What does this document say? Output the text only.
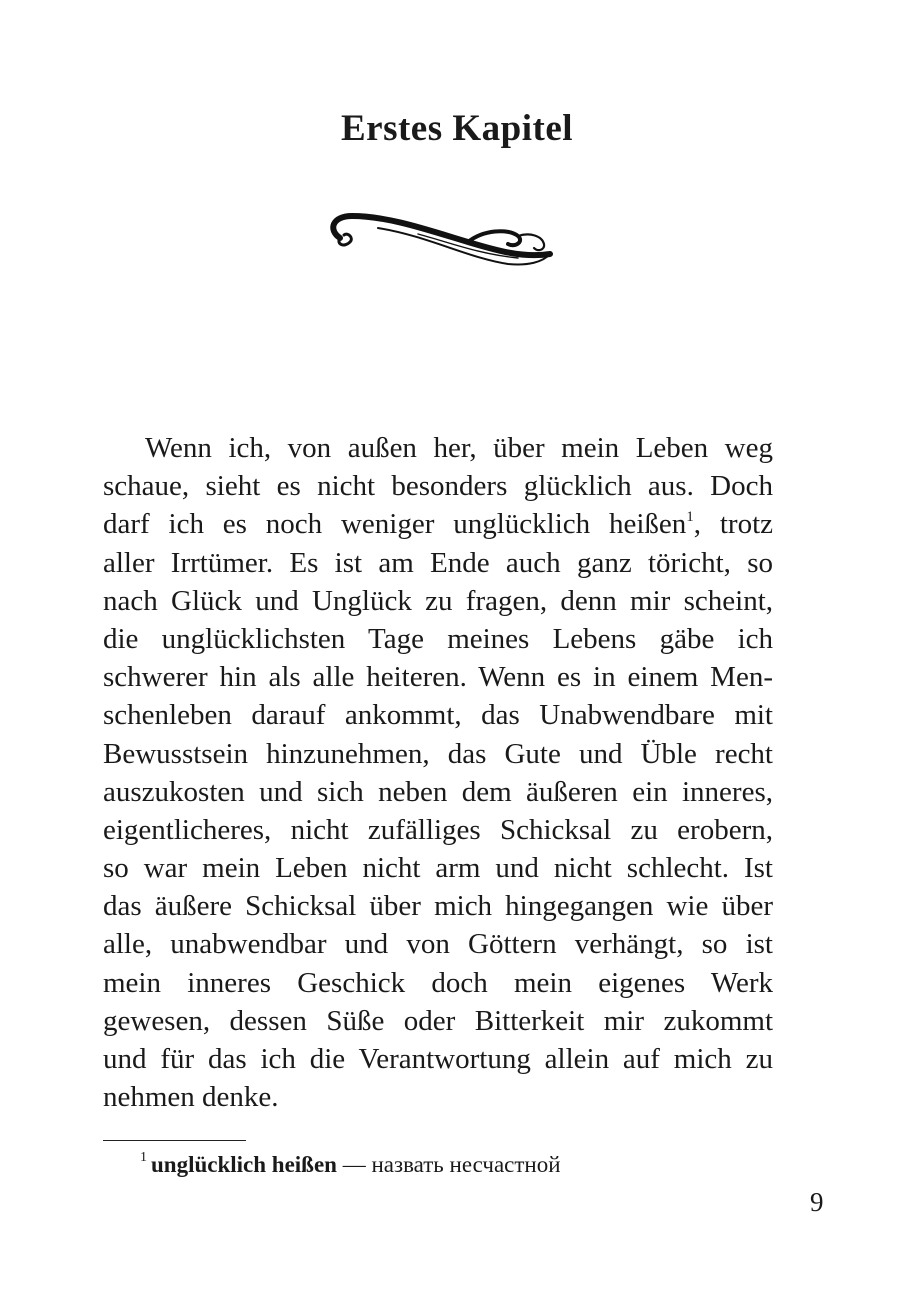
Erstes Kapitel
Wenn ich, von außen her, über mein Leben weg
schaue, sieht es nicht besonders glücklich aus. Doch
darf ich es noch weniger unglücklich heißen$^1$, trotz
aller Irrtümer. Es ist am Ende auch ganz töricht, so
nach Glück und Unglück zu fragen, denn mir scheint,
die unglücklichsten Tage meines Lebens gäbe ich
schwerer hin als alle heiteren. Wenn es in einem Men-
schenleben darauf ankommt, das Unabwendbare mit
Bewusstsein hinzunehmen, das Gute und Üble recht
auszukosten und sich neben dem äußeren ein inneres,
eigentlicheres, nicht zufälliges Schicksal zu erobern,
so war mein Leben nicht arm und nicht schlecht. Ist
das äußere Schicksal über mich hingegangen wie über
alle, unabwendbar und von Göttern verhängt, so ist
mein inneres Geschick doch mein eigenes Werk
gewesen, dessen Süße oder Bitterkeit mir zukommt
und für das ich die Verantwortung allein auf mich zu
nehmen denke.
$^1$ unglücklich heißen — назвать несчастной
9
